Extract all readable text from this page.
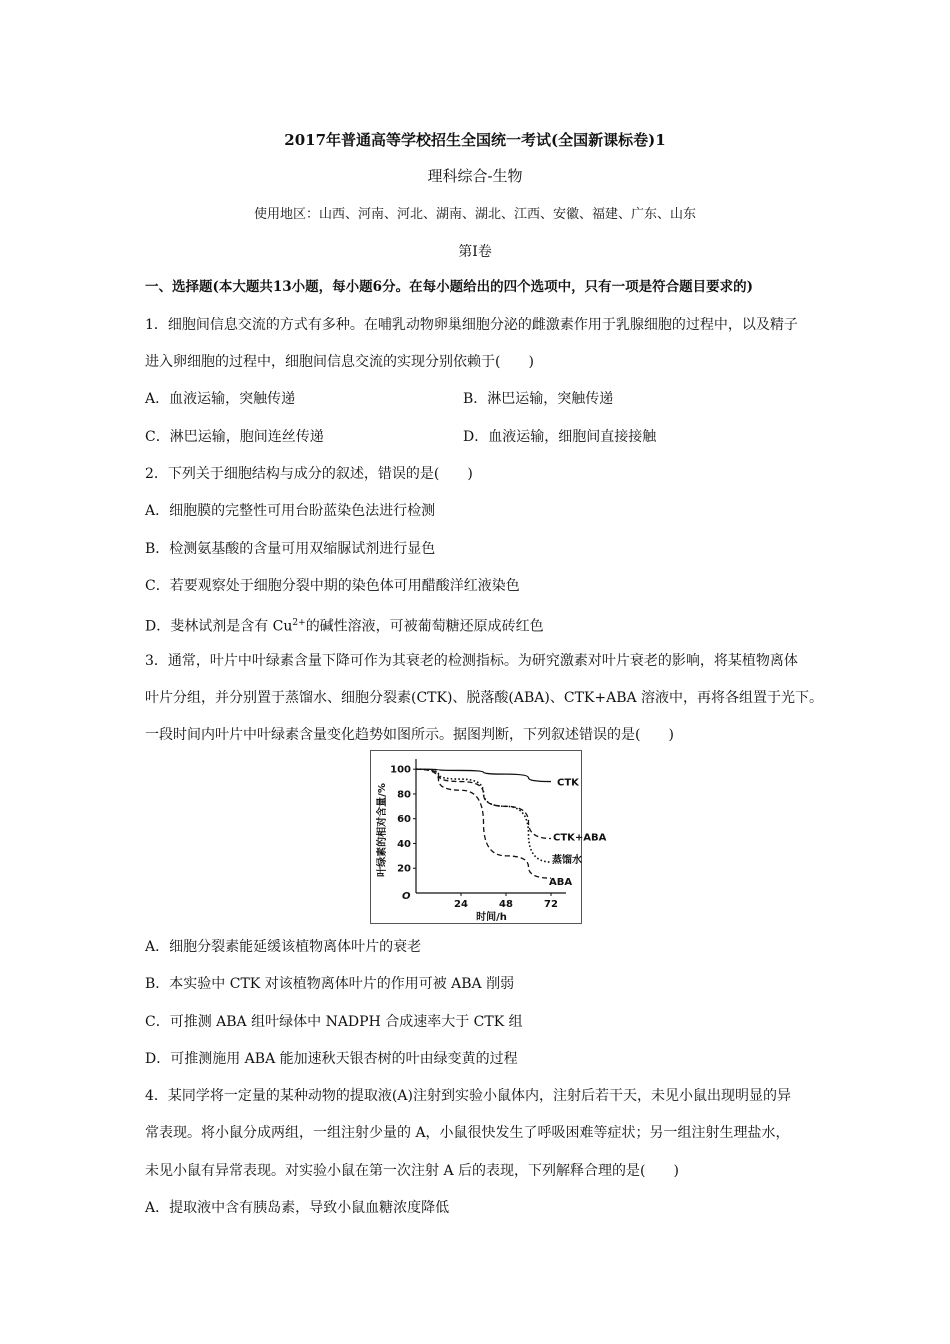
2017年普通高等学校招生全国统一考试(全国新课标卷)1
理科综合-生物
使用地区：山西、河南、河北、湖南、湖北、江西、安徽、福建、广东、山东
第Ⅰ卷
一、选择题(本大题共13小题，每小题6分。在每小题给出的四个选项中，只有一项是符合题目要求的)
1．细胞间信息交流的方式有多种。在哺乳动物卵巢细胞分泌的雌激素作用于乳腺细胞的过程中，以及精子
进入卵细胞的过程中，细胞间信息交流的实现分别依赖于(　　)
A．血液运输，突触传递	B．淋巴运输，突触传递
C．淋巴运输，胞间连丝传递	D．血液运输，细胞间直接接触
2．下列关于细胞结构与成分的叙述，错误的是(　　)
A．细胞膜的完整性可用台盼蓝染色法进行检测
B．检测氨基酸的含量可用双缩脲试剂进行显色
C．若要观察处于细胞分裂中期的染色体可用醋酸洋红液染色
D．斐林试剂是含有 $Cu^{2+}$的碱性溶液，可被葡萄糖还原成砖红色
3．通常，叶片中叶绿素含量下降可作为其衰老的检测指标。为研究激素对叶片衰老的影响，将某植物离体
叶片分组，并分别置于蒸馏水、细胞分裂素(CTK)、脱落酸(ABA)、CTK+ABA 溶液中，再将各组置于光下。
一段时间内叶片中叶绿素含量变化趋势如图所示。据图判断，下列叙述错误的是(　　)
O
20
40
60
80
100
24	48	72
时间/h
叶绿素的相对含量/%
CTK
CTK+ABA
蒸馏水
ABA
A．细胞分裂素能延缓该植物离体叶片的衰老
B．本实验中 CTK 对该植物离体叶片的作用可被 ABA 削弱
C．可推测 ABA 组叶绿体中 NADPH 合成速率大于 CTK 组
D．可推测施用 ABA 能加速秋天银杏树的叶由绿变黄的过程
4．某同学将一定量的某种动物的提取液(A)注射到实验小鼠体内，注射后若干天，未见小鼠出现明显的异
常表现。将小鼠分成两组，一组注射少量的 A，小鼠很快发生了呼吸困难等症状；另一组注射生理盐水，
未见小鼠有异常表现。对实验小鼠在第一次注射 A 后的表现，下列解释合理的是(　　)
A．提取液中含有胰岛素，导致小鼠血糖浓度降低
